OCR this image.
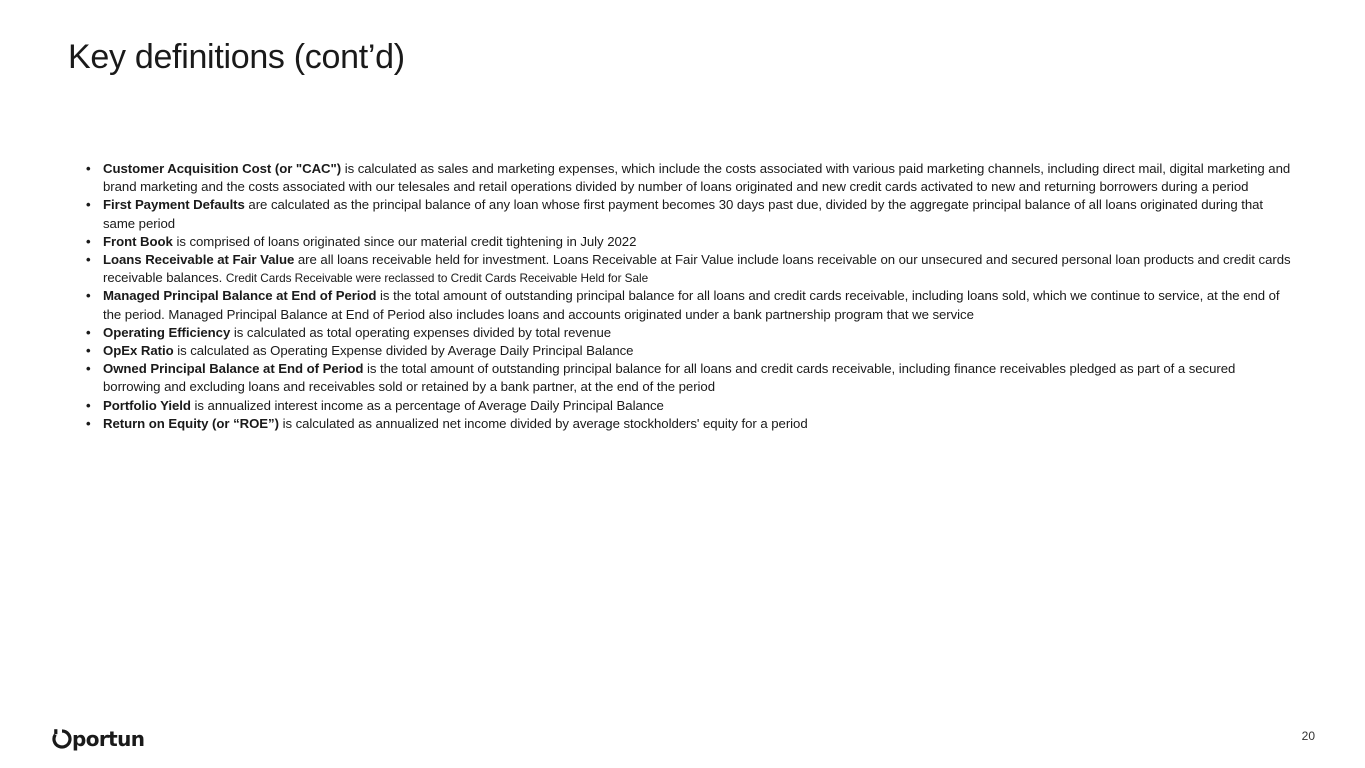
Key definitions (cont’d)
• Customer Acquisition Cost (or "CAC") is calculated as sales and marketing expenses, which include the costs associated with various paid marketing channels, including direct mail, digital marketing and brand marketing and the costs associated with our telesales and retail operations divided by number of loans originated and new credit cards activated to new and returning borrowers during a period
• First Payment Defaults are calculated as the principal balance of any loan whose first payment becomes 30 days past due, divided by the aggregate principal balance of all loans originated during that same period
• Front Book is comprised of loans originated since our material credit tightening in July 2022
• Loans Receivable at Fair Value are all loans receivable held for investment. Loans Receivable at Fair Value include loans receivable on our unsecured and secured personal loan products and credit cards receivable balances. Credit Cards Receivable were reclassed to Credit Cards Receivable Held for Sale
• Managed Principal Balance at End of Period is the total amount of outstanding principal balance for all loans and credit cards receivable, including loans sold, which we continue to service, at the end of the period. Managed Principal Balance at End of Period also includes loans and accounts originated under a bank partnership program that we service
• Operating Efficiency is calculated as total operating expenses divided by total revenue
• OpEx Ratio is calculated as Operating Expense divided by Average Daily Principal Balance
• Owned Principal Balance at End of Period is the total amount of outstanding principal balance for all loans and credit cards receivable, including finance receivables pledged as part of a secured borrowing and excluding loans and receivables sold or retained by a bank partner, at the end of the period
• Portfolio Yield is annualized interest income as a percentage of Average Daily Principal Balance
• Return on Equity (or “ROE”) is calculated as annualized net income divided by average stockholders' equity for a period
portun	20
